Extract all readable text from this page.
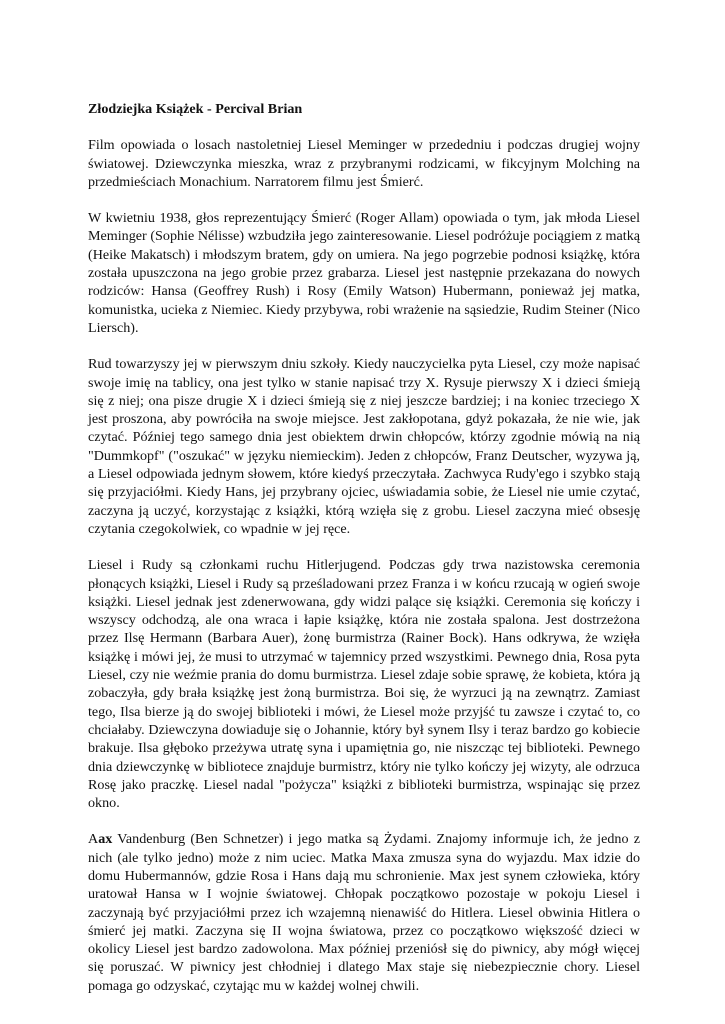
Złodziejka Książek - Percival Brian

Film opowiada o losach nastoletniej Liesel Meminger w przededniu i podczas drugiej wojny światowej. Dziewczynka mieszka, wraz z przybranymi rodzicami, w fikcyjnym Molching na przedmieściach Monachium. Narratorem filmu jest Śmierć.

W kwietniu 1938, głos reprezentujący Śmierć (Roger Allam) opowiada o tym, jak młoda Liesel Meminger (Sophie Nélisse) wzbudziła jego zainteresowanie. Liesel podróżuje pociągiem z matką (Heike Makatsch) i młodszym bratem, gdy on umiera. Na jego pogrzebie podnosi książkę, która została upuszczona na jego grobie przez grabarza. Liesel jest następnie przekazana do nowych rodziców: Hansa (Geoffrey Rush) i Rosy (Emily Watson) Hubermann, ponieważ jej matka, komunistka, ucieka z Niemiec. Kiedy przybywa, robi wrażenie na sąsiedzie, Rudim Steiner (Nico Liersch).

Rud towarzyszy jej w pierwszym dniu szkoły. Kiedy nauczycielka pyta Liesel, czy może napisać swoje imię na tablicy, ona jest tylko w stanie napisać trzy X. Rysuje pierwszy X i dzieci śmieją się z niej; ona pisze drugie X i dzieci śmieją się z niej jeszcze bardziej; i na koniec trzeciego X jest proszona, aby powróciła na swoje miejsce. Jest zakłopotana, gdyż pokazała, że nie wie, jak czytać. Później tego samego dnia jest obiektem drwin chłopców, którzy zgodnie mówią na nią "Dummkopf" ("oszukać" w języku niemieckim). Jeden z chłopców, Franz Deutscher, wyzywa ją, a Liesel odpowiada jednym słowem, które kiedyś przeczytała. Zachwyca Rudy'ego i szybko stają się przyjaciółmi. Kiedy Hans, jej przybrany ojciec, uświadamia sobie, że Liesel nie umie czytać, zaczyna ją uczyć, korzystając z książki, którą wzięła się z grobu. Liesel zaczyna mieć obsesję czytania czegokolwiek, co wpadnie w jej ręce.

Liesel i Rudy są członkami ruchu Hitlerjugend. Podczas gdy trwa nazistowska ceremonia płonących książki, Liesel i Rudy są prześladowani przez Franza i w końcu rzucają w ogień swoje książki. Liesel jednak jest zdenerwowana, gdy widzi palące się książki. Ceremonia się kończy i wszyscy odchodzą, ale ona wraca i łapie książkę, która nie została spalona. Jest dostrzeżona przez Ilsę Hermann (Barbara Auer), żonę burmistrza (Rainer Bock). Hans odkrywa, że wzięła książkę i mówi jej, że musi to utrzymać w tajemnicy przed wszystkimi. Pewnego dnia, Rosa pyta Liesel, czy nie weźmie prania do domu burmistrza. Liesel zdaje sobie sprawę, że kobieta, która ją zobaczyła, gdy brała książkę jest żoną burmistrza. Boi się, że wyrzuci ją na zewnątrz. Zamiast tego, Ilsa bierze ją do swojej biblioteki i mówi, że Liesel może przyjść tu zawsze i czytać to, co chciałaby. Dziewczyna dowiaduje się o Johannie, który był synem Ilsy i teraz bardzo go kobiecie brakuje. Ilsa głęboko przeżywa utratę syna i upamiętnia go, nie niszcząc tej biblioteki. Pewnego dnia dziewczynkę w bibliotece znajduje burmistrz, który nie tylko kończy jej wizyty, ale odrzuca Rosę jako praczkę. Liesel nadal "pożycza" książki z biblioteki burmistrza, wspinając się przez okno.

Aax Vandenburg (Ben Schnetzer) i jego matka są Żydami. Znajomy informuje ich, że jedno z nich (ale tylko jedno) może z nim uciec. Matka Maxa zmusza syna do wyjazdu. Max idzie do domu Hubermannów, gdzie Rosa i Hans dają mu schronienie. Max jest synem człowieka, który uratował Hansa w I wojnie światowej. Chłopak początkowo pozostaje w pokoju Liesel i zaczynają być przyjaciółmi przez ich wzajemną nienawiść do Hitlera. Liesel obwinia Hitlera o śmierć jej matki. Zaczyna się II wojna światowa, przez co początkowo większość dzieci w okolicy Liesel jest bardzo zadowolona. Max później przeniósł się do piwnicy, aby mógł więcej się poruszać. W piwnicy jest chłodniej i dlatego Max staje się niebezpiecznie chory. Liesel pomaga go odzyskać, czytając mu w każdej wolnej chwili.
